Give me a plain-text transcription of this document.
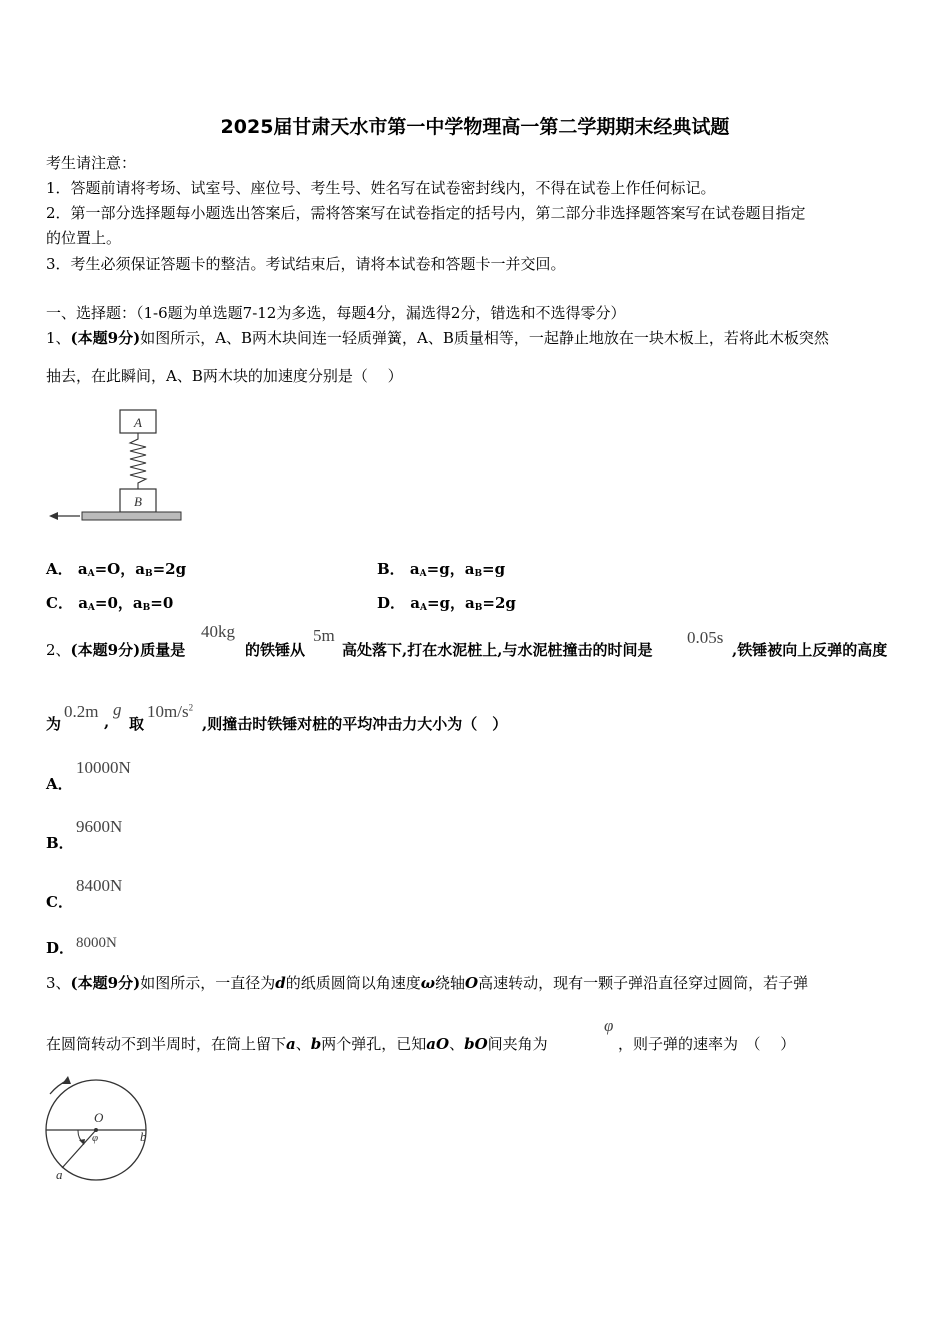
2025届甘肃天水市第一中学物理高一第二学期期末经典试题
考生请注意：
1．答题前请将考场、试室号、座位号、考生号、姓名写在试卷密封线内，不得在试卷上作任何标记。
2．第一部分选择题每小题选出答案后，需将答案写在试卷指定的括号内，第二部分非选择题答案写在试卷题目指定
的位置上。
3．考生必须保证答题卡的整洁。考试结束后，请将本试卷和答题卡一并交回。
一、选择题：（1-6题为单选题7-12为多选，每题4分，漏选得2分，错选和不选得零分）
1、(本题9分)如图所示，A、B两木块间连一轻质弹簧，A、B质量相等，一起静止地放在一块木板上，若将此木板突然
抽去，在此瞬间，A、B两木块的加速度分别是（　 ）
A
B
A． $a_A=O$，$a_B=2g$	B． $a_A=g$，$a_B=g$
C． $a_A=0$，$a_B=0$	D． $a_A=g$，$a_B=2g$
2、(本题9分)质量是
40kg
的铁锤从
5m
高处落下,打在水泥桩上,与水泥桩撞击的时间是
0.05s
,铁锤被向上反弹的高度
为
0.2m
,
g
取
$10m/s^2$
,则撞击时铁锤对桩的平均冲击力大小为（　）
A．
10000N
B．
9600N
C．
8400N
D． 8000N
3、(本题9分)如图所示，一直径为d的纸质圆筒以角速度ω绕轴O高速转动，现有一颗子弹沿直径穿过圆筒，若子弹
在圆筒转动不到半周时，在筒上留下a、b两个弹孔，已知aO、bO间夹角为
φ
，则子弹的速率为　（　 ）
O
φ
a
b
